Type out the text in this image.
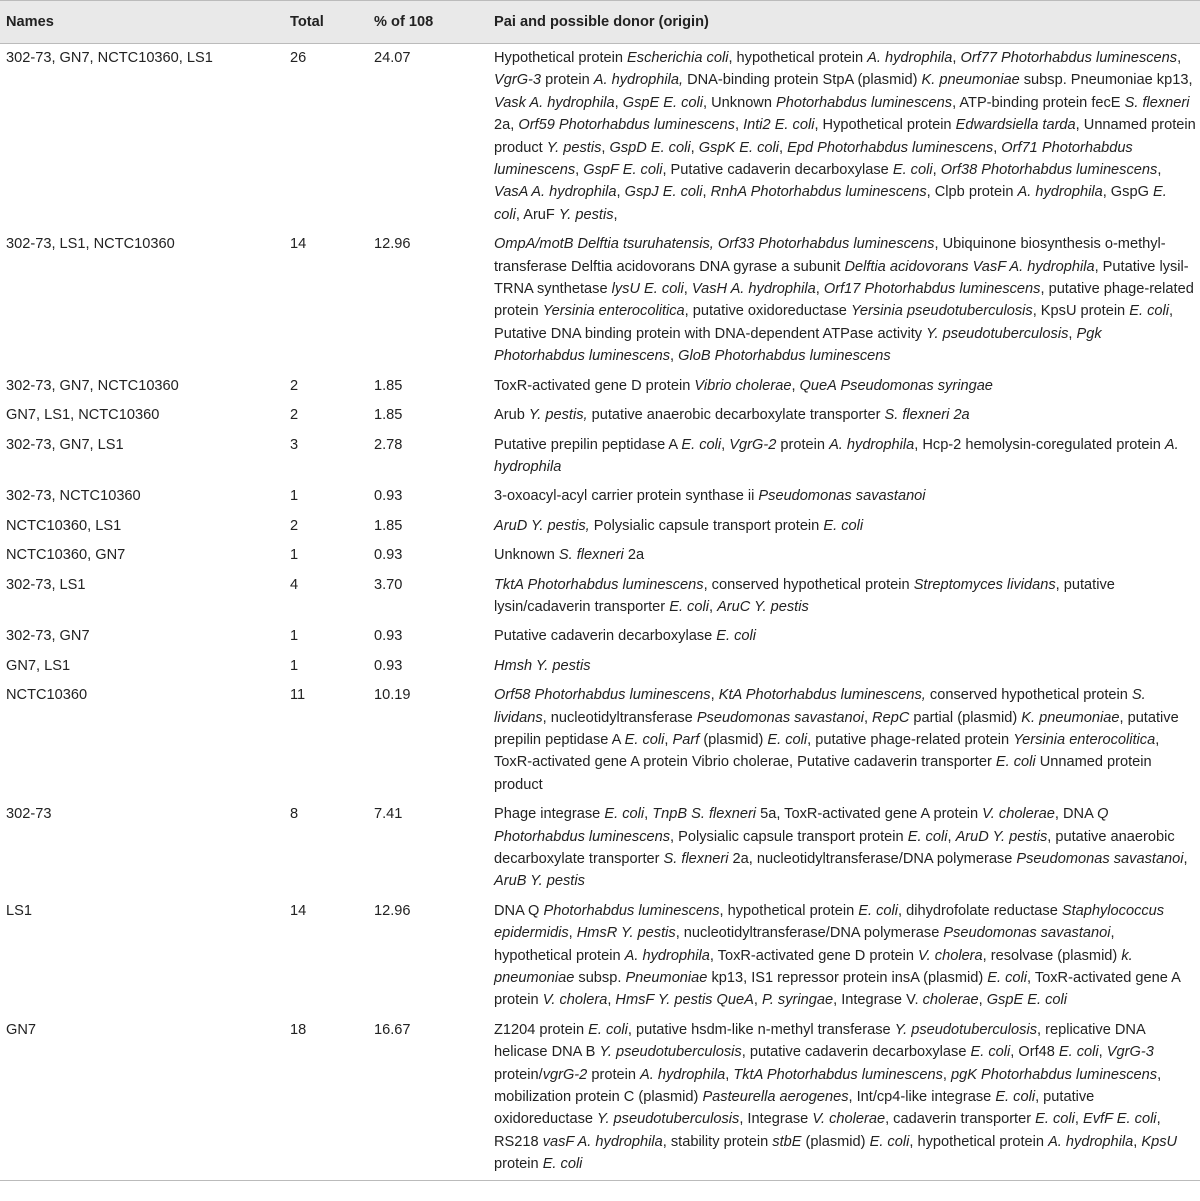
Names	Total	% of 108	Pai and possible donor (origin)
302-73, GN7, NCTC10360, LS1	26	24.07	Hypothetical protein Escherichia coli, hypothetical protein A. hydrophila, Orf77 Photorhabdus luminescens, VgrG-3 protein A. hydrophila, DNA-binding protein StpA (plasmid) K. pneumoniae subsp. Pneumoniae kp13, Vask A. hydrophila, GspE E. coli, Unknown Photorhabdus luminescens, ATP-binding protein fecE S. flexneri 2a, Orf59 Photorhabdus luminescens, Inti2 E. coli, Hypothetical protein Edwardsiella tarda, Unnamed protein product Y. pestis, GspD E. coli, GspK E. coli, Epd Photorhabdus luminescens, Orf71 Photorhabdus luminescens, GspF E. coli, Putative cadaverin decarboxylase E. coli, Orf38 Photorhabdus luminescens, VasA A. hydrophila, GspJ E. coli, RnhA Photorhabdus luminescens, Clpb protein A. hydrophila, GspG E. coli, AruF Y. pestis,
302-73, LS1, NCTC10360	14	12.96	OmpA/motB Delftia tsuruhatensis, Orf33 Photorhabdus luminescens, Ubiquinone biosynthesis o-methyl-transferase Delftia acidovorans DNA gyrase a subunit Delftia acidovorans VasF A. hydrophila, Putative lysil-TRNA synthetase lysU E. coli, VasH A. hydrophila, Orf17 Photorhabdus luminescens, putative phage-related protein Yersinia enterocolitica, putative oxidoreductase Yersinia pseudotuberculosis, KpsU protein E. coli, Putative DNA binding protein with DNA-dependent ATPase activity Y. pseudotuberculosis, Pgk Photorhabdus luminescens, GloB Photorhabdus luminescens
302-73, GN7, NCTC10360	2	1.85	ToxR-activated gene D protein Vibrio cholerae, QueA Pseudomonas syringae
GN7, LS1, NCTC10360	2	1.85	Arub Y. pestis, putative anaerobic decarboxylate transporter S. flexneri 2a
302-73, GN7, LS1	3	2.78	Putative prepilin peptidase A E. coli, VgrG-2 protein A. hydrophila, Hcp-2 hemolysin-coregulated protein A. hydrophila
302-73, NCTC10360	1	0.93	3-oxoacyl-acyl carrier protein synthase ii Pseudomonas savastanoi
NCTC10360, LS1	2	1.85	AruD Y. pestis, Polysialic capsule transport protein E. coli
NCTC10360, GN7	1	0.93	Unknown S. flexneri 2a
302-73, LS1	4	3.70	TktA Photorhabdus luminescens, conserved hypothetical protein Streptomyces lividans, putative lysin/cadaverin transporter E. coli, AruC Y. pestis
302-73, GN7	1	0.93	Putative cadaverin decarboxylase E. coli
GN7, LS1	1	0.93	Hmsh Y. pestis
NCTC10360	11	10.19	Orf58 Photorhabdus luminescens, KtA Photorhabdus luminescens, conserved hypothetical protein S. lividans, nucleotidyltransferase Pseudomonas savastanoi, RepC partial (plasmid) K. pneumoniae, putative prepilin peptidase A E. coli, Parf (plasmid) E. coli, putative phage-related protein Yersinia enterocolitica, ToxR-activated gene A protein Vibrio cholerae, Putative cadaverin transporter E. coli Unnamed protein product
302-73	8	7.41	Phage integrase E. coli, TnpB S. flexneri 5a, ToxR-activated gene A protein V. cholerae, DNA Q Photorhabdus luminescens, Polysialic capsule transport protein E. coli, AruD Y. pestis, putative anaerobic decarboxylate transporter S. flexneri 2a, nucleotidyltransferase/DNA polymerase Pseudomonas savastanoi, AruB Y. pestis
LS1	14	12.96	DNA Q Photorhabdus luminescens, hypothetical protein E. coli, dihydrofolate reductase Staphylococcus epidermidis, HmsR Y. pestis, nucleotidyltransferase/DNA polymerase Pseudomonas savastanoi, hypothetical protein A. hydrophila, ToxR-activated gene D protein V. cholera, resolvase (plasmid) k. pneumoniae subsp. Pneumoniae kp13, IS1 repressor protein insA (plasmid) E. coli, ToxR-activated gene A protein V. cholera, HmsF Y. pestis QueA, P. syringae, Integrase V. cholerae, GspE E. coli
GN7	18	16.67	Z1204 protein E. coli, putative hsdm-like n-methyl transferase Y. pseudotuberculosis, replicative DNA helicase DNA B Y. pseudotuberculosis, putative cadaverin decarboxylase E. coli, Orf48 E. coli, VgrG-3 protein/vgrG-2 protein A. hydrophila, TktA Photorhabdus luminescens, pgK Photorhabdus luminescens, mobilization protein C (plasmid) Pasteurella aerogenes, Int/cp4-like integrase E. coli, putative oxidoreductase Y. pseudotuberculosis, Integrase V. cholerae, cadaverin transporter E. coli, EvfF E. coli, RS218 vasF A. hydrophila, stability protein stbE (plasmid) E. coli, hypothetical protein A. hydrophila, KpsU protein E. coli
